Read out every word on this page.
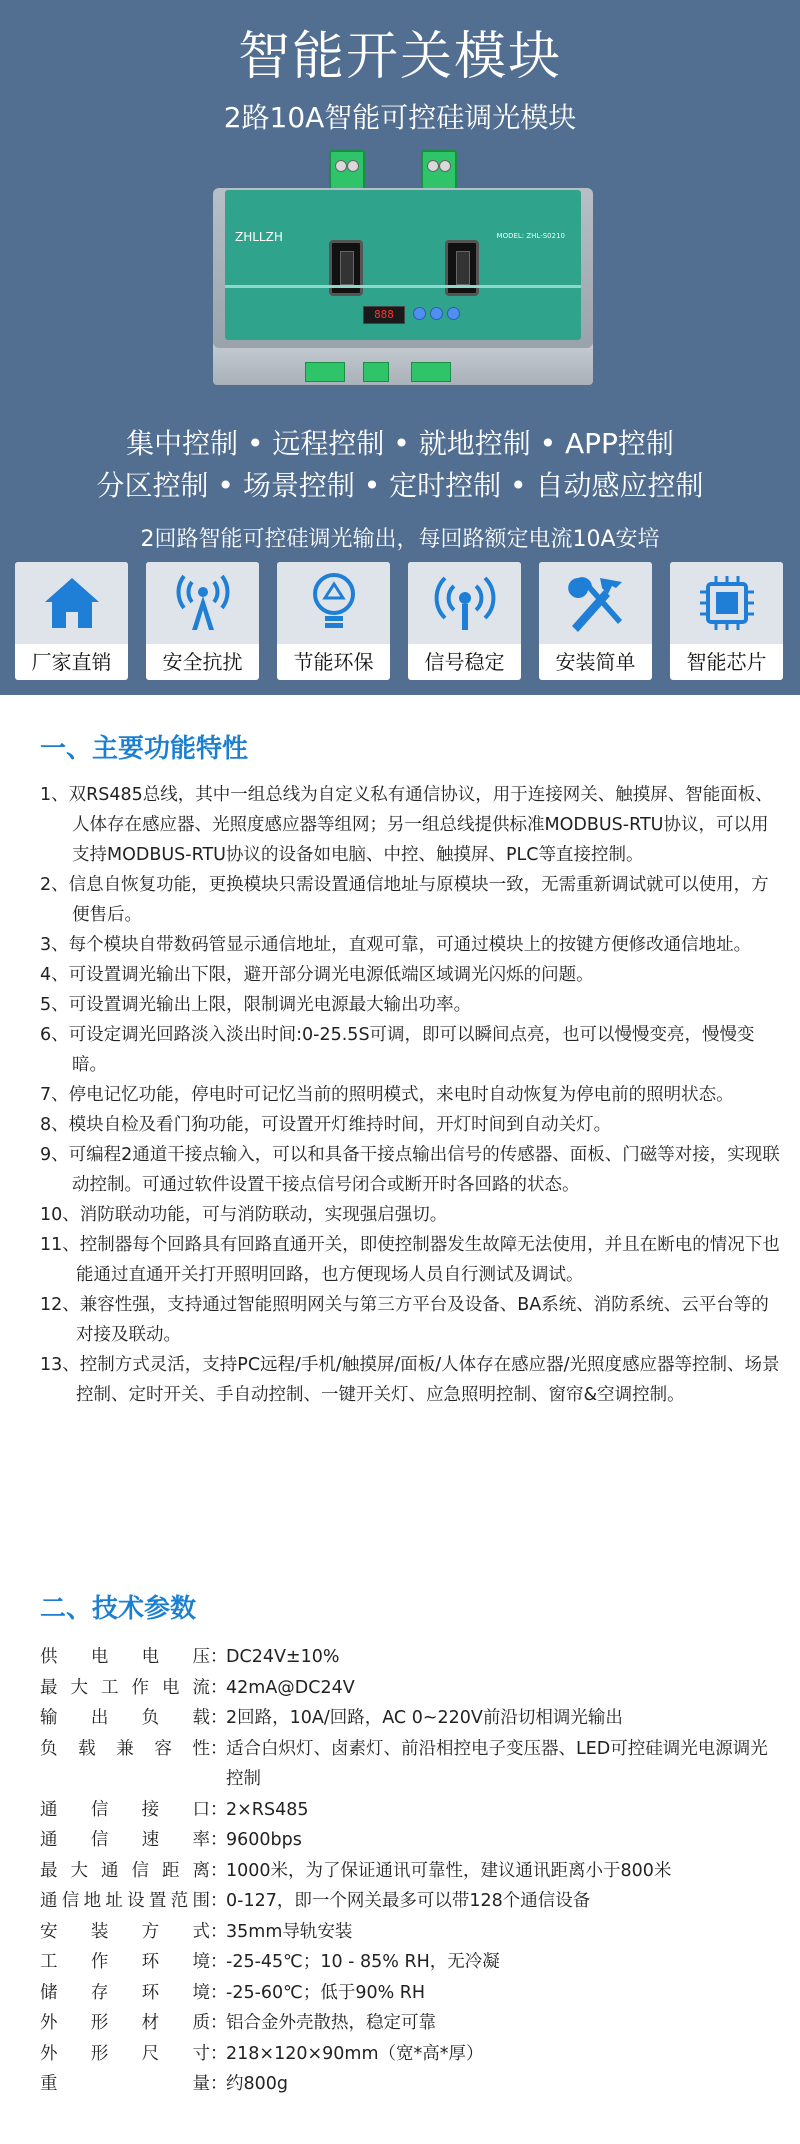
智能开关模块
2路10A智能可控硅调光模块
ZHLLZH	MODEL: ZHL-S0210
888
集中控制 • 远程控制 • 就地控制 • APP控制
分区控制 • 场景控制 • 定时控制 • 自动感应控制
2回路智能可控硅调光输出，每回路额定电流10A安培
厂家直销	安全抗扰	节能环保	信号稳定	安装简单	智能芯片
一、主要功能特性
1、双RS485总线，其中一组总线为自定义私有通信协议，用于连接网关、触摸屏、智能面板、人体存在感应器、光照度感应器等组网；另一组总线提供标准MODBUS-RTU协议，可以用支持MODBUS-RTU协议的设备如电脑、中控、触摸屏、PLC等直接控制。
2、信息自恢复功能，更换模块只需设置通信地址与原模块一致，无需重新调试就可以使用，方便售后。
3、每个模块自带数码管显示通信地址，直观可靠，可通过模块上的按键方便修改通信地址。
4、可设置调光输出下限，避开部分调光电源低端区域调光闪烁的问题。
5、可设置调光输出上限，限制调光电源最大输出功率。
6、可设定调光回路淡入淡出时间:0-25.5S可调，即可以瞬间点亮，也可以慢慢变亮，慢慢变暗。
7、停电记忆功能，停电时可记忆当前的照明模式，来电时自动恢复为停电前的照明状态。
8、模块自检及看门狗功能，可设置开灯维持时间，开灯时间到自动关灯。
9、可编程2通道干接点输入，可以和具备干接点输出信号的传感器、面板、门磁等对接，实现联动控制。可通过软件设置干接点信号闭合或断开时各回路的状态。
10、消防联动功能，可与消防联动，实现强启强切。
11、控制器每个回路具有回路直通开关，即使控制器发生故障无法使用，并且在断电的情况下也能通过直通开关打开照明回路，也方便现场人员自行测试及调试。
12、兼容性强，支持通过智能照明网关与第三方平台及设备、BA系统、消防系统、云平台等的对接及联动。
13、控制方式灵活，支持PC远程/手机/触摸屏/面板/人体存在感应器/光照度感应器等控制、场景控制、定时开关、手自动控制、一键开关灯、应急照明控制、窗帘&空调控制。
二、技术参数
供电电压 ：
DC24V±10%
最大工作电流 ：
42mA@DC24V
输出负载 ：
2回路，10A/回路，AC 0~220V前沿切相调光输出
负载兼容性 ：
适合白炽灯、卤素灯、前沿相控电子变压器、LED可控硅调光电源调光控制
通信接口 ：
2×RS485
通信速率 ：
9600bps
最大通信距离 ：
1000米，为了保证通讯可靠性，建议通讯距离小于800米
通信地址设置范围 ：
0-127，即一个网关最多可以带128个通信设备
安装方式 ：
35mm导轨安装
工作环境 ：
-25-45℃；10 - 85% RH，无冷凝
储存环境 ：
-25-60℃；低于90% RH
外形材质 ：
铝合金外壳散热，稳定可靠
外形尺寸 ：
218×120×90mm（宽*高*厚）
重量 ：
约800g
